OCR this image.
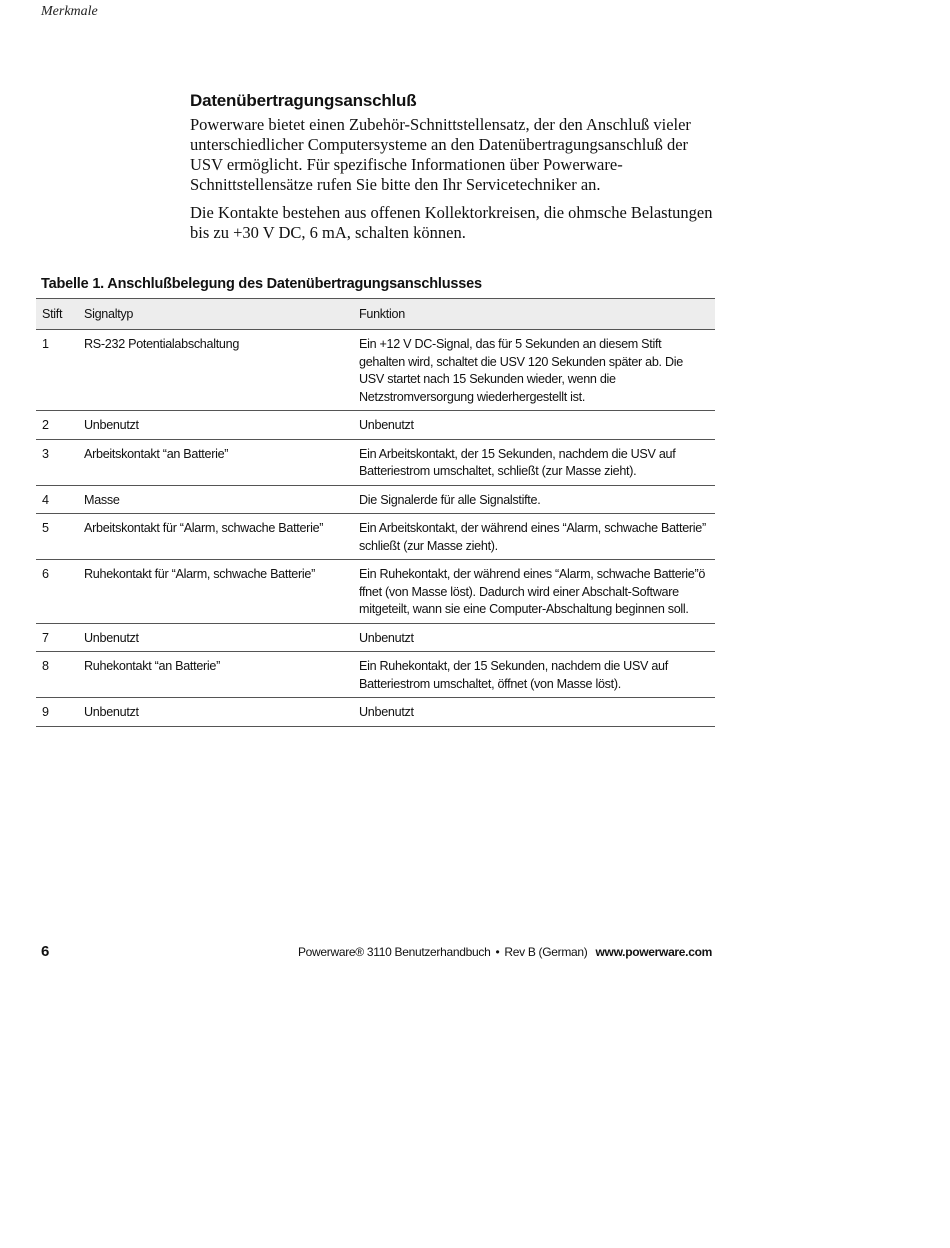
Merkmale
Datenübertragungsanschluß

Powerware bietet einen Zubehör-Schnittstellensatz, der den Anschluß vieler unterschiedlicher Computersysteme an den Datenübertragungsanschluß der USV ermöglicht. Für spezifische Informationen über Powerware-Schnittstellensätze rufen Sie bitte den Ihr Servicetechniker an.

Die Kontakte bestehen aus offenen Kollektorkreisen, die ohmsche Belastungen bis zu +30 V DC, 6 mA, schalten können.

Tabelle 1. Anschlußbelegung des Datenübertragungsanschlusses
Stift	Signaltyp	Funktion
1	RS-232 Potentialabschaltung	Ein +12 V DC-Signal, das für 5 Sekunden an diesem Stift gehalten wird, schaltet die USV 120 Sekunden später ab. Die USV startet nach 15 Sekunden wieder, wenn die Netzstromversorgung wiederhergestellt ist.
2	Unbenutzt	Unbenutzt
3	Arbeitskontakt “an Batterie”	Ein Arbeitskontakt, der 15 Sekunden, nachdem die USV auf Batteriestrom umschaltet, schließt (zur Masse zieht).
4	Masse	Die Signalerde für alle Signalstifte.
5	Arbeitskontakt für “Alarm, schwache Batterie”	Ein Arbeitskontakt, der während eines “Alarm, schwache Batterie” schließt (zur Masse zieht).
6	Ruhekontakt für “Alarm, schwache Batterie”	Ein Ruhekontakt, der während eines “Alarm, schwache Batterie”ö ffnet (von Masse löst). Dadurch wird einer Abschalt-Software mitgeteilt, wann sie eine Computer-Abschaltung beginnen soll.
7	Unbenutzt	Unbenutzt
8	Ruhekontakt “an Batterie”	Ein Ruhekontakt, der 15 Sekunden, nachdem die USV auf Batteriestrom umschaltet, öffnet (von Masse löst).
9	Unbenutzt	Unbenutzt
6	Powerware® 3110 Benutzerhandbuch • Rev B (German) www.powerware.com
